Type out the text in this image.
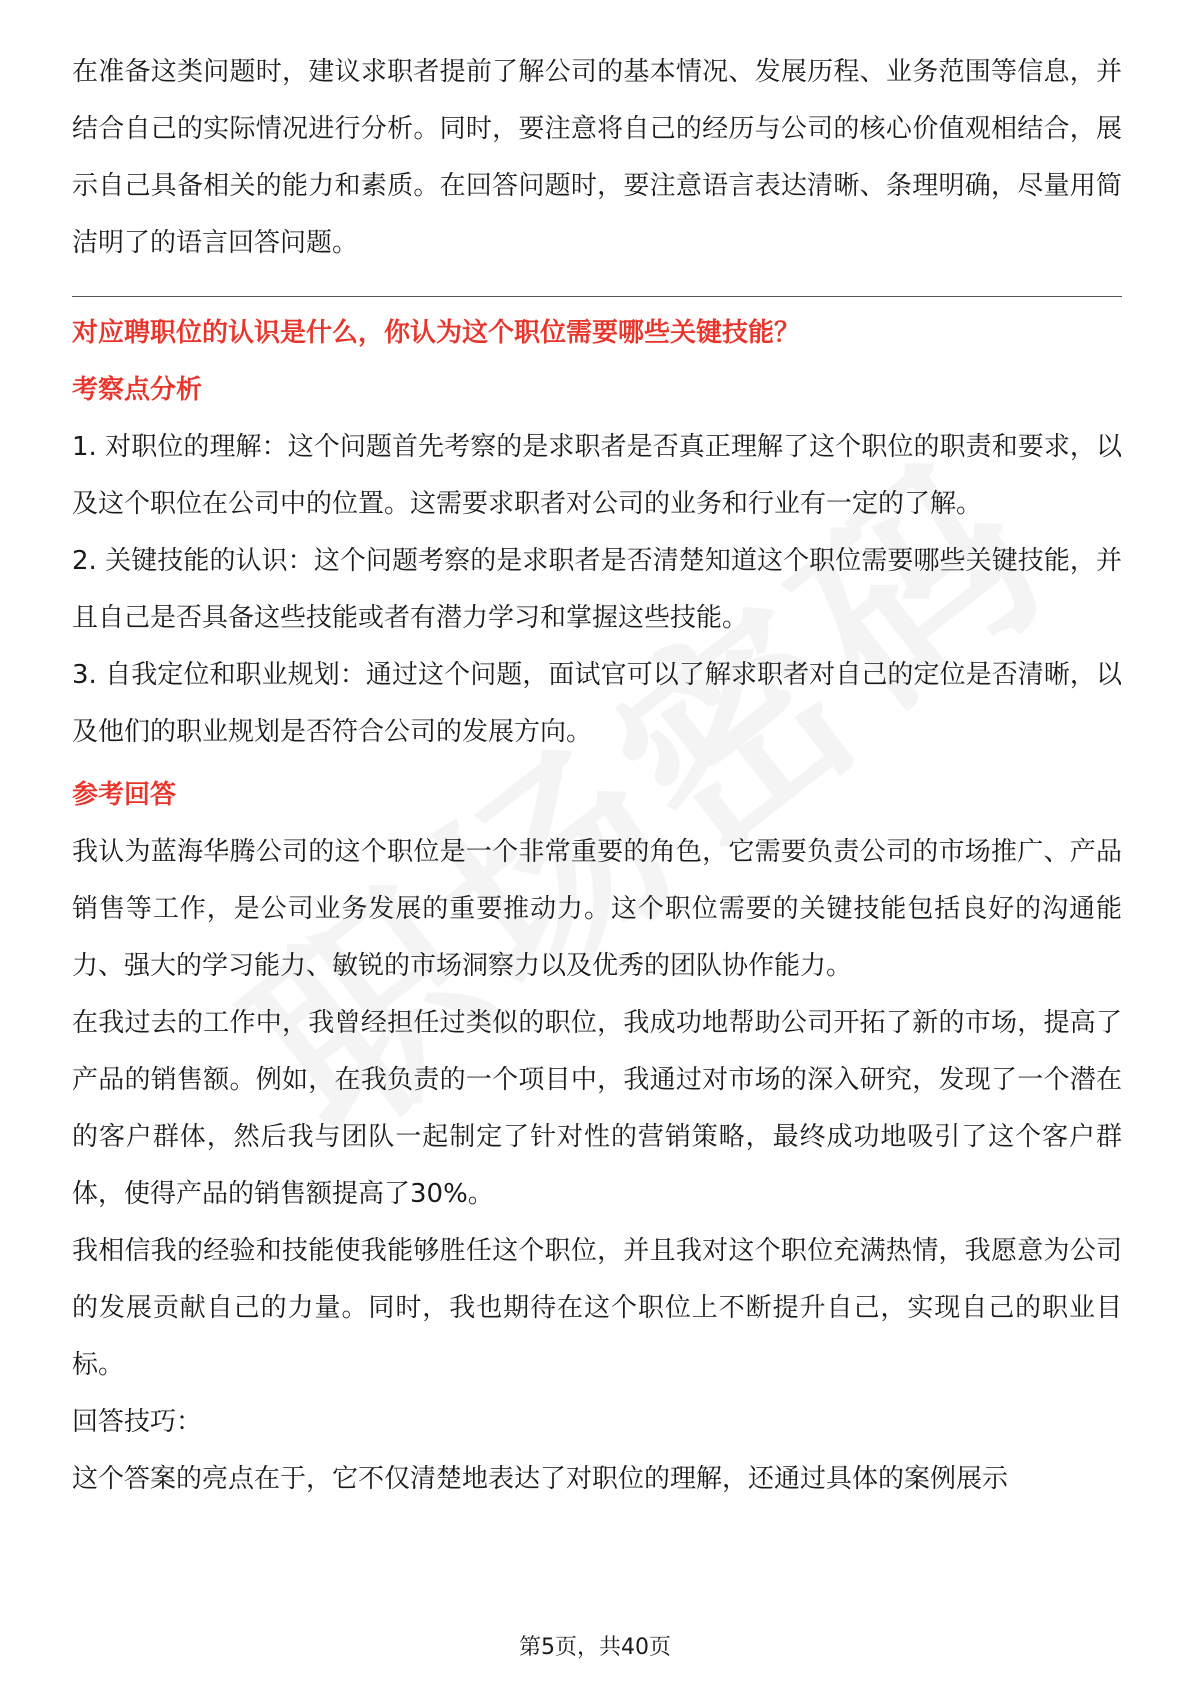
在准备这类问题时，建议求职者提前了解公司的基本情况、发展历程、业务范围等信息，并结合自己的实际情况进行分析。同时，要注意将自己的经历与公司的核心价值观相结合，展示自己具备相关的能力和素质。在回答问题时，要注意语言表达清晰、条理明确，尽量用简洁明了的语言回答问题。

对应聘职位的认识是什么，你认为这个职位需要哪些关键技能？

考察点分析

1. 对职位的理解：这个问题首先考察的是求职者是否真正理解了这个职位的职责和要求，以及这个职位在公司中的位置。这需要求职者对公司的业务和行业有一定的了解。

2. 关键技能的认识：这个问题考察的是求职者是否清楚知道这个职位需要哪些关键技能，并且自己是否具备这些技能或者有潜力学习和掌握这些技能。

3. 自我定位和职业规划：通过这个问题，面试官可以了解求职者对自己的定位是否清晰，以及他们的职业规划是否符合公司的发展方向。

参考回答

我认为蓝海华腾公司的这个职位是一个非常重要的角色，它需要负责公司的市场推广、产品销售等工作，是公司业务发展的重要推动力。这个职位需要的关键技能包括良好的沟通能力、强大的学习能力、敏锐的市场洞察力以及优秀的团队协作能力。

在我过去的工作中，我曾经担任过类似的职位，我成功地帮助公司开拓了新的市场，提高了产品的销售额。例如，在我负责的一个项目中，我通过对市场的深入研究，发现了一个潜在的客户群体，然后我与团队一起制定了针对性的营销策略，最终成功地吸引了这个客户群体，使得产品的销售额提高了30%。

我相信我的经验和技能使我能够胜任这个职位，并且我对这个职位充满热情，我愿意为公司的发展贡献自己的力量。同时，我也期待在这个职位上不断提升自己，实现自己的职业目标。

回答技巧：

这个答案的亮点在于，它不仅清楚地表达了对职位的理解，还通过具体的案例展示

第5页，共40页
